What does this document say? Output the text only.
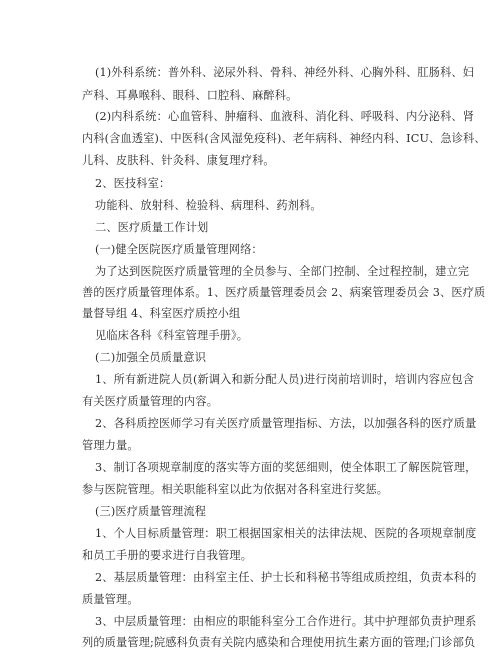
(1)外科系统：普外科、泌尿外科、骨科、神经外科、心胸外科、肛肠科、妇

产科、耳鼻喉科、眼科、口腔科、麻醉科。

(2)内科系统：心血管科、肿瘤科、血液科、消化科、呼吸科、内分泌科、肾

内科(含血透室)、中医科(含风湿免疫科)、老年病科、神经内科、ICU、急诊科、

儿科、皮肤科、针灸科、康复理疗科。

2、医技科室：

功能科、放射科、检验科、病理科、药剂科。

二、医疗质量工作计划

(一)健全医院医疗质量管理网络：

为了达到医院医疗质量管理的全员参与、全部门控制、全过程控制，建立完

善的医疗质量管理体系。1、医疗质量管理委员会 2、病案管理委员会 3、医疗质

量督导组 4、科室医疗质控小组

见临床各科《科室管理手册》。

(二)加强全员质量意识

1、所有新进院人员(新调入和新分配人员)进行岗前培训时，培训内容应包含

有关医疗质量管理的内容。

2、各科质控医师学习有关医疗质量管理指标、方法，以加强各科的医疗质量

管理力量。

3、制订各项规章制度的落实等方面的奖惩细则，使全体职工了解医院管理，

参与医院管理。相关职能科室以此为依据对各科室进行奖惩。

(三)医疗质量管理流程

1、个人目标质量管理：职工根据国家相关的法律法规、医院的各项规章制度

和员工手册的要求进行自我管理。

2、基层质量管理：由科室主任、护士长和科秘书等组成质控组，负责本科的

质量管理。

3、中层质量管理：由相应的职能科室分工合作进行。其中护理部负责护理系

列的质量管理;院感科负责有关院内感染和合理使用抗生素方面的管理;门诊部负
